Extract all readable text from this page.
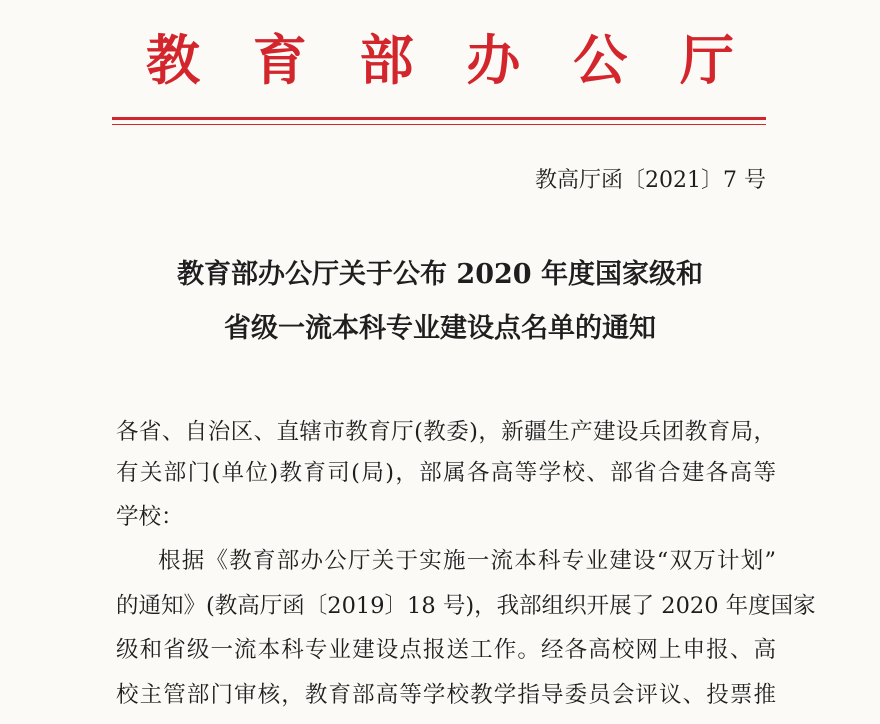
教 育 部 办 公 厅
教高厅函〔2021〕7 号
教育部办公厅关于公布 2020 年度国家级和
省级一流本科专业建设点名单的通知
各省、自治区、直辖市教育厅(教委)，新疆生产建设兵团教育局，
有关部门(单位)教育司(局)，部属各高等学校、部省合建各高等
学校：
根据《教育部办公厅关于实施一流本科专业建设“双万计划”
的通知》(教高厅函〔2019〕18 号)，我部组织开展了 2020 年度国家
级和省级一流本科专业建设点报送工作。经各高校网上申报、高
校主管部门审核，教育部高等学校教学指导委员会评议、投票推
